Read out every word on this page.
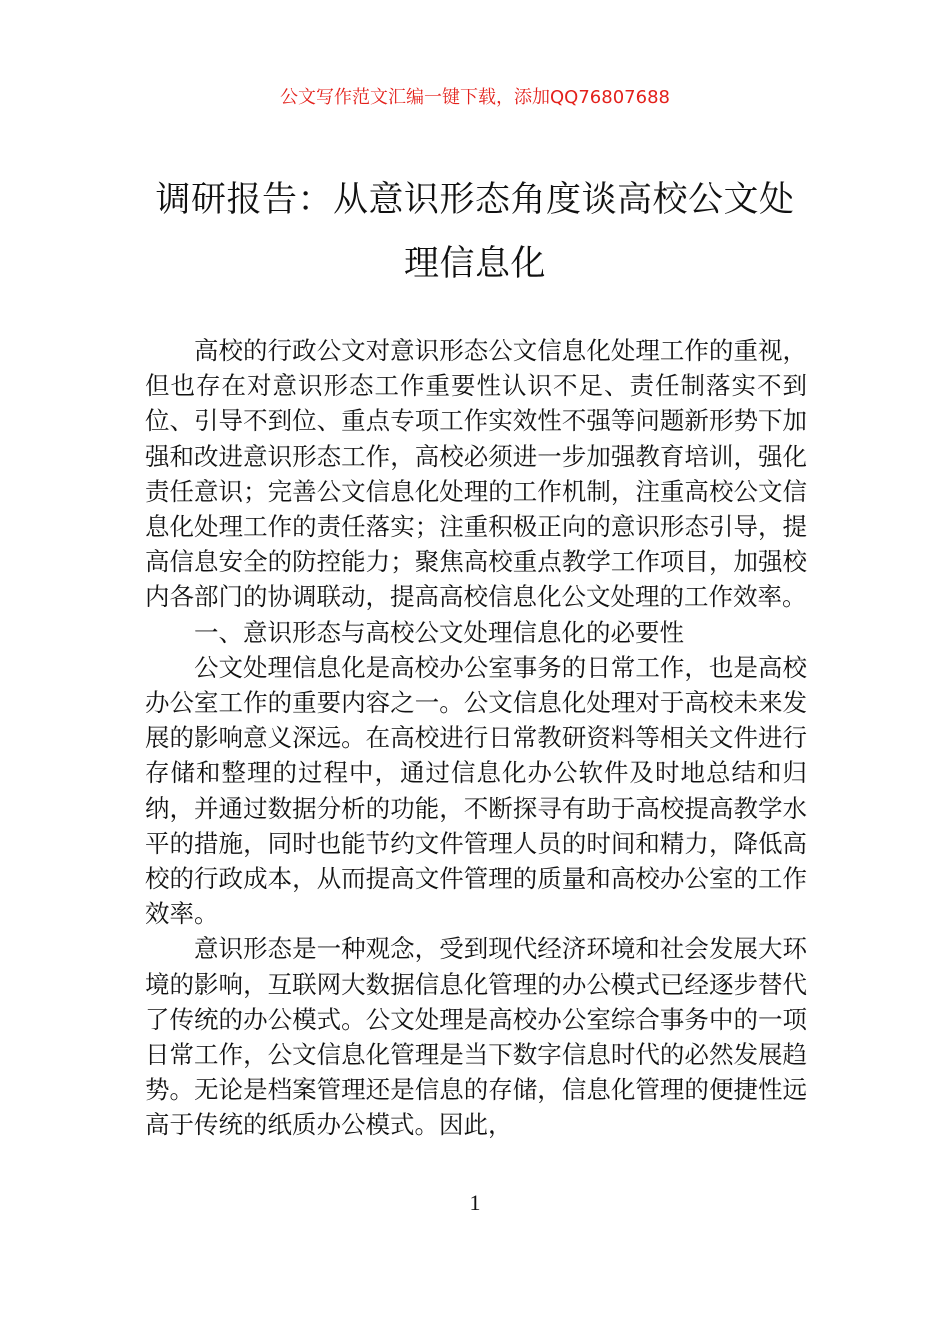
公文写作范文汇编一键下载，添加QQ76807688
调研报告：从意识形态角度谈高校公文处
理信息化

高校的行政公文对意识形态公文信息化处理工作的重视，但也存在对意识形态工作重要性认识不足、责任制落实不到位、引导不到位、重点专项工作实效性不强等问题新形势下加强和改进意识形态工作，高校必须进一步加强教育培训，强化责任意识；完善公文信息化处理的工作机制，注重高校公文信息化处理工作的责任落实；注重积极正向的意识形态引导，提高信息安全的防控能力；聚焦高校重点教学工作项目，加强校内各部门的协调联动，提高高校信息化公文处理的工作效率。

一、意识形态与高校公文处理信息化的必要性

公文处理信息化是高校办公室事务的日常工作，也是高校办公室工作的重要内容之一。公文信息化处理对于高校未来发展的影响意义深远。在高校进行日常教研资料等相关文件进行存储和整理的过程中，通过信息化办公软件及时地总结和归纳，并通过数据分析的功能，不断探寻有助于高校提高教学水平的措施，同时也能节约文件管理人员的时间和精力，降低高校的行政成本，从而提高文件管理的质量和高校办公室的工作效率。

意识形态是一种观念，受到现代经济环境和社会发展大环境的影响，互联网大数据信息化管理的办公模式已经逐步替代了传统的办公模式。公文处理是高校办公室综合事务中的一项日常工作，公文信息化管理是当下数字信息时代的必然发展趋势。无论是档案管理还是信息的存储，信息化管理的便捷性远高于传统的纸质办公模式。因此，

1
